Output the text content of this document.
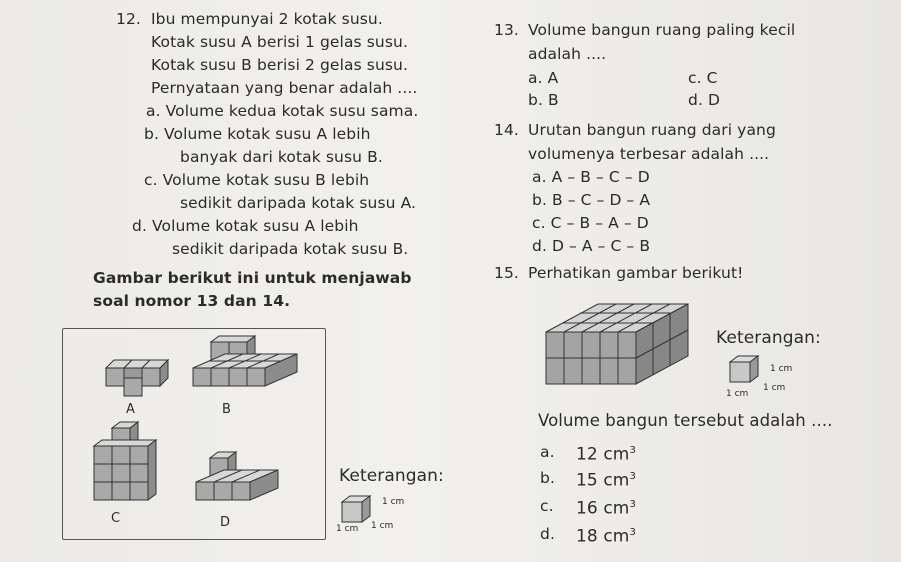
12. Ibu mempunyai 2 kotak susu.
Kotak susu A berisi 1 gelas susu.
Kotak susu B berisi 2 gelas susu.
Pernyataan yang benar adalah ....
a. Volume kedua kotak susu sama.
b. Volume kotak susu A lebih
banyak dari kotak susu B.
c. Volume kotak susu B lebih
sedikit daripada kotak susu A.
d. Volume kotak susu A lebih
sedikit daripada kotak susu B.
Gambar berikut ini untuk menjawab
soal nomor 13 dan 14.
A	B
C	D
Keterangan:
1 cm
1 cm 1 cm
13. Volume bangun ruang paling kecil
adalah ....
a. A	c. C
b. B	d. D
14. Urutan bangun ruang dari yang
volumenya terbesar adalah ....
a. A – B – C – D
b. B – C – D – A
c. C – B – A – D
d. D – A – C – B
15. Perhatikan gambar berikut!
Keterangan:
1 cm
1 cm
1 cm
Volume bangun tersebut adalah ....
a. 12 $cm^3$
b. 15 $cm^3$
c. 16 $cm^3$
d. 18 $cm^3$
